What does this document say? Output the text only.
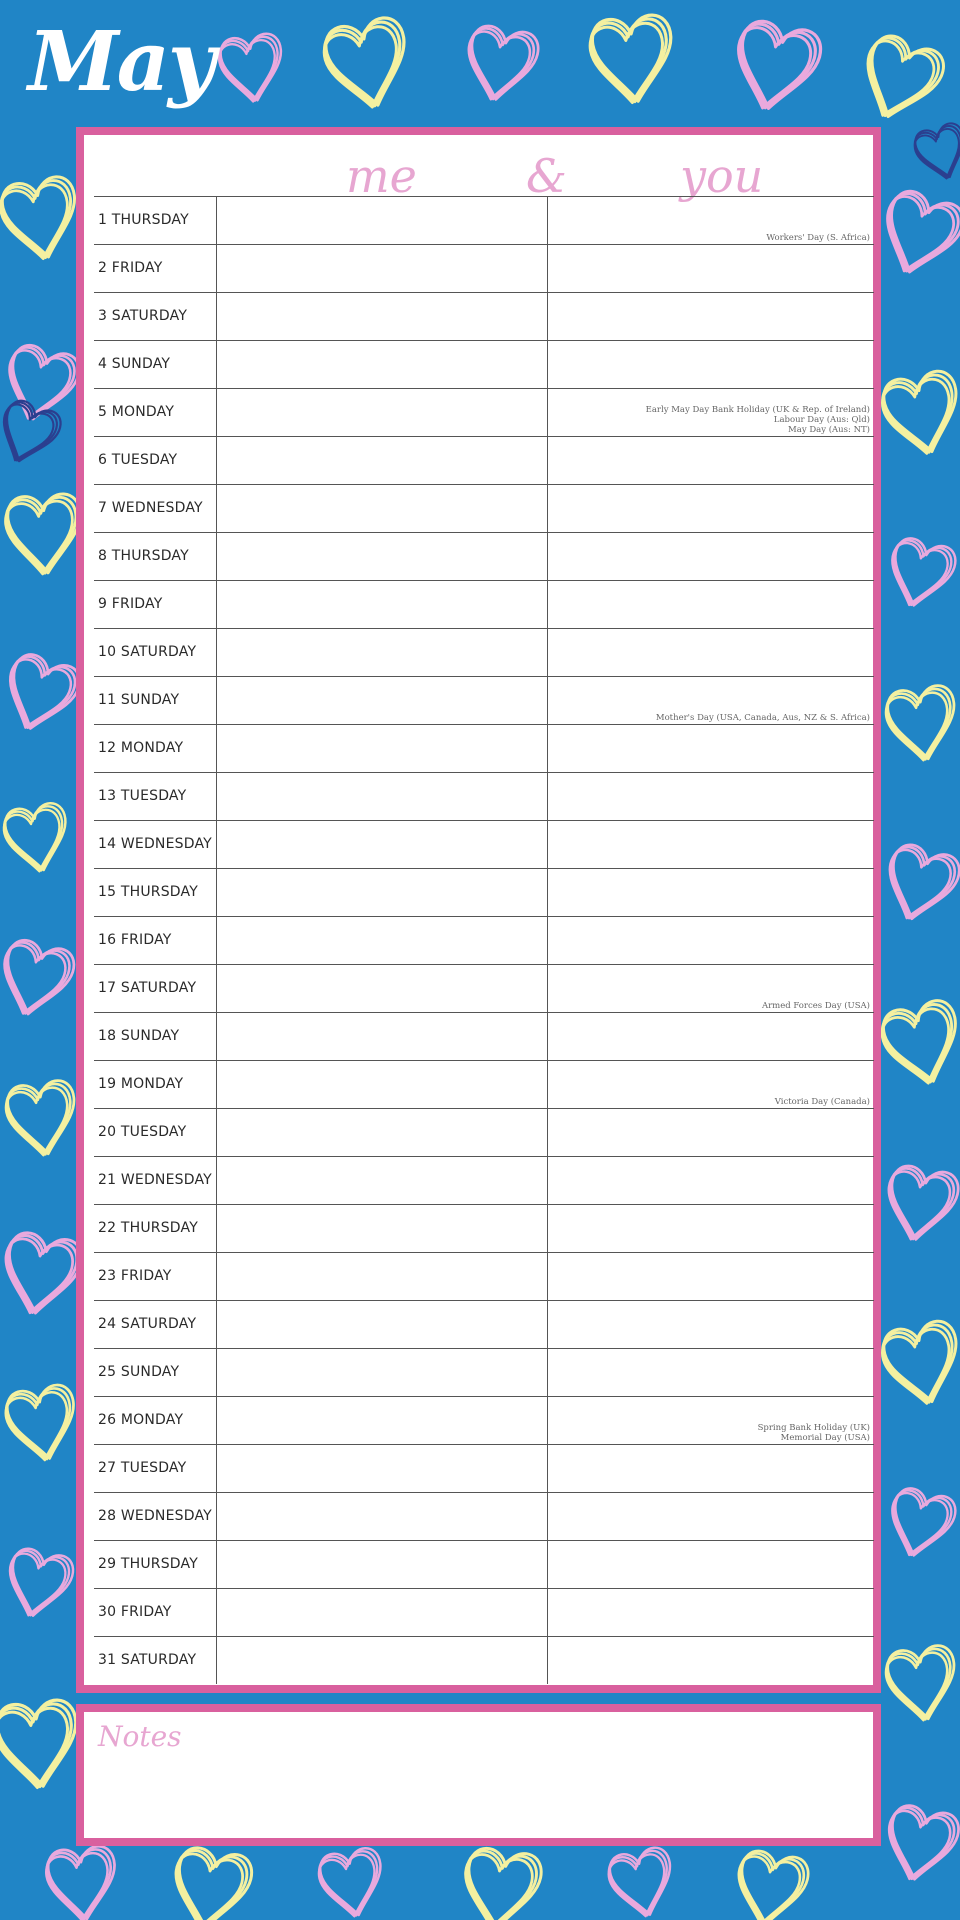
May
me & you
1 THURSDAY
Workers' Day (S. Africa)
2 FRIDAY
3 SATURDAY
4 SUNDAY
5 MONDAY	Early May Day Bank Holiday (UK & Rep. of Ireland)
Labour Day (Aus: Qld)
May Day (Aus: NT)
6 TUESDAY
7 WEDNESDAY
8 THURSDAY
9 FRIDAY
10 SATURDAY
11 SUNDAY
Mother's Day (USA, Canada, Aus, NZ & S. Africa)
12 MONDAY
13 TUESDAY
14 WEDNESDAY
15 THURSDAY
16 FRIDAY
17 SATURDAY
Armed Forces Day (USA)
18 SUNDAY
19 MONDAY
Victoria Day (Canada)
20 TUESDAY
21 WEDNESDAY
22 THURSDAY
23 FRIDAY
24 SATURDAY
25 SUNDAY
26 MONDAY	Spring Bank Holiday (UK)
Memorial Day (USA)
27 TUESDAY
28 WEDNESDAY
29 THURSDAY
30 FRIDAY
31 SATURDAY
Notes
